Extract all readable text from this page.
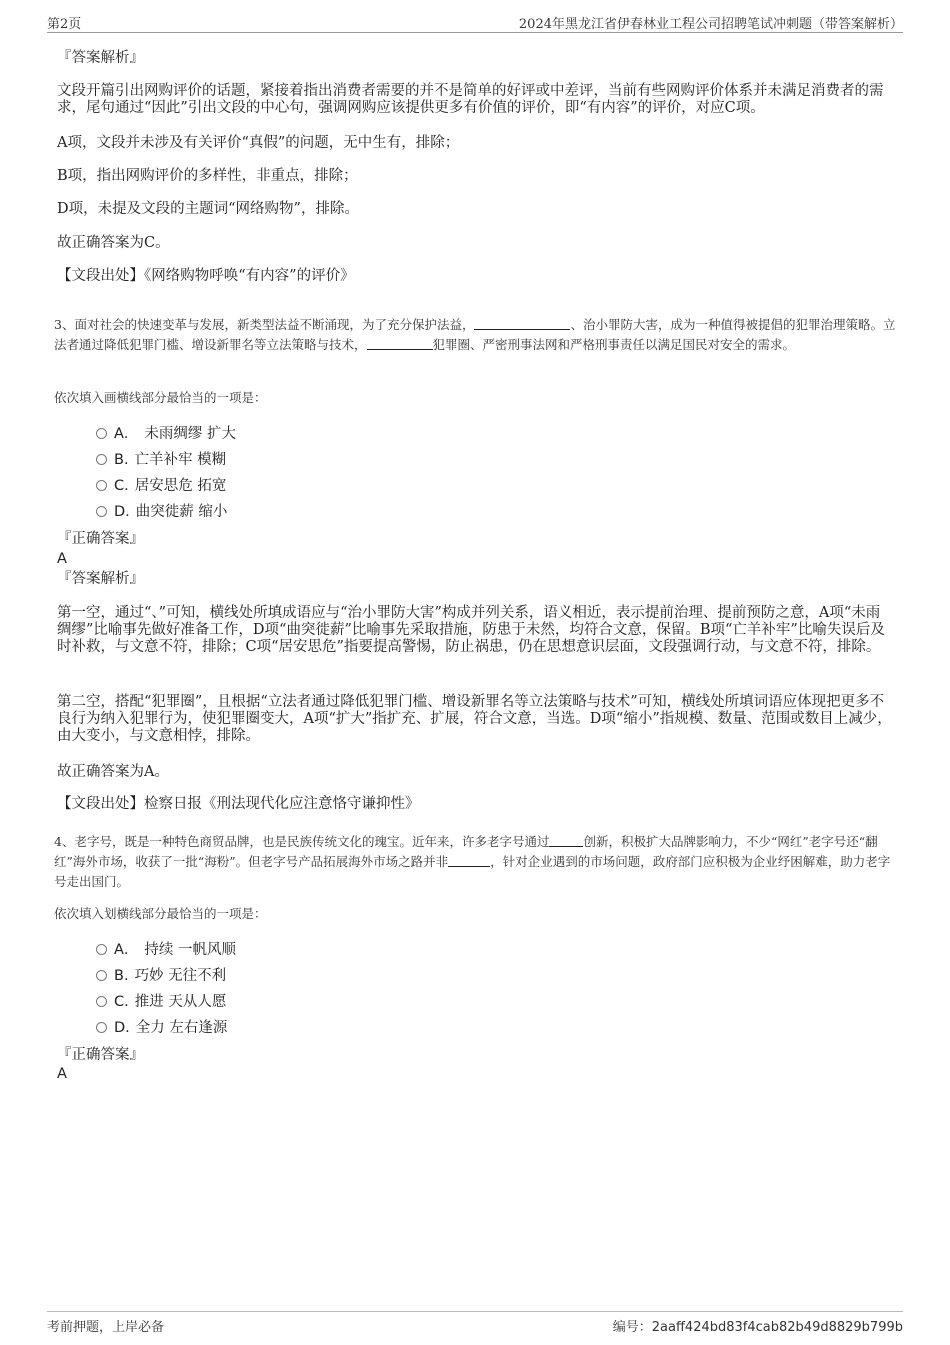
第2页	2024年黑龙江省伊春林业工程公司招聘笔试冲刺题（带答案解析）
『答案解析』
文段开篇引出网购评价的话题，紧接着指出消费者需要的并不是简单的好评或中差评，当前有些网购评价体系并未满足消费者的需求，尾句通过“因此”引出文段的中心句，强调网购应该提供更多有价值的评价，即“有内容”的评价，对应C项。
A项，文段并未涉及有关评价“真假”的问题，无中生有，排除；
B项，指出网购评价的多样性，非重点，排除；
D项，未提及文段的主题词“网络购物”，排除。
故正确答案为C。
【文段出处】《网络购物呼唤“有内容”的评价》
3、面对社会的快速变革与发展，新类型法益不断涌现，为了充分保护法益，	、治小罪防大害，成为一种值得被提倡的犯罪治理策略。立法者通过降低犯罪门槛、增设新罪名等立法策略与技术，	犯罪圈、严密刑事法网和严格刑事责任以满足国民对安全的需求。
依次填入画横线部分最恰当的一项是：
A． 未雨绸缪 扩大
B. 亡羊补牢 模糊
C. 居安思危 拓宽
D. 曲突徙薪 缩小
『正确答案』
A
『答案解析』
第一空，通过“、”可知，横线处所填成语应与“治小罪防大害”构成并列关系，语义相近，表示提前治理、提前预防之意，A项“未雨绸缪”比喻事先做好准备工作，D项“曲突徙薪”比喻事先采取措施，防患于未然，均符合文意，保留。B项“亡羊补牢”比喻失误后及时补救，与文意不符，排除；C项“居安思危”指要提高警惕，防止祸患，仍在思想意识层面，文段强调行动，与文意不符，排除。
第二空，搭配“犯罪圈”，且根据“立法者通过降低犯罪门槛、增设新罪名等立法策略与技术”可知，横线处所填词语应体现把更多不良行为纳入犯罪行为，使犯罪圈变大，A项“扩大”指扩充、扩展，符合文意，当选。D项“缩小”指规模、数量、范围或数目上减少，由大变小，与文意相悖，排除。
故正确答案为A。
【文段出处】检察日报《刑法现代化应注意恪守谦抑性》
4、老字号，既是一种特色商贸品牌，也是民族传统文化的瑰宝。近年来，许多老字号通过	创新，积极扩大品牌影响力，不少“网红”老字号还“翻红”海外市场，收获了一批“海粉”。但老字号产品拓展海外市场之路并非	，针对企业遇到的市场问题，政府部门应积极为企业纾困解难，助力老字号走出国门。
依次填入划横线部分最恰当的一项是：
A． 持续 一帆风顺
B. 巧妙 无往不利
C. 推进 天从人愿
D. 全力 左右逢源
『正确答案』
A
考前押题，上岸必备	编号：2aaff424bd83f4cab82b49d8829b799b
